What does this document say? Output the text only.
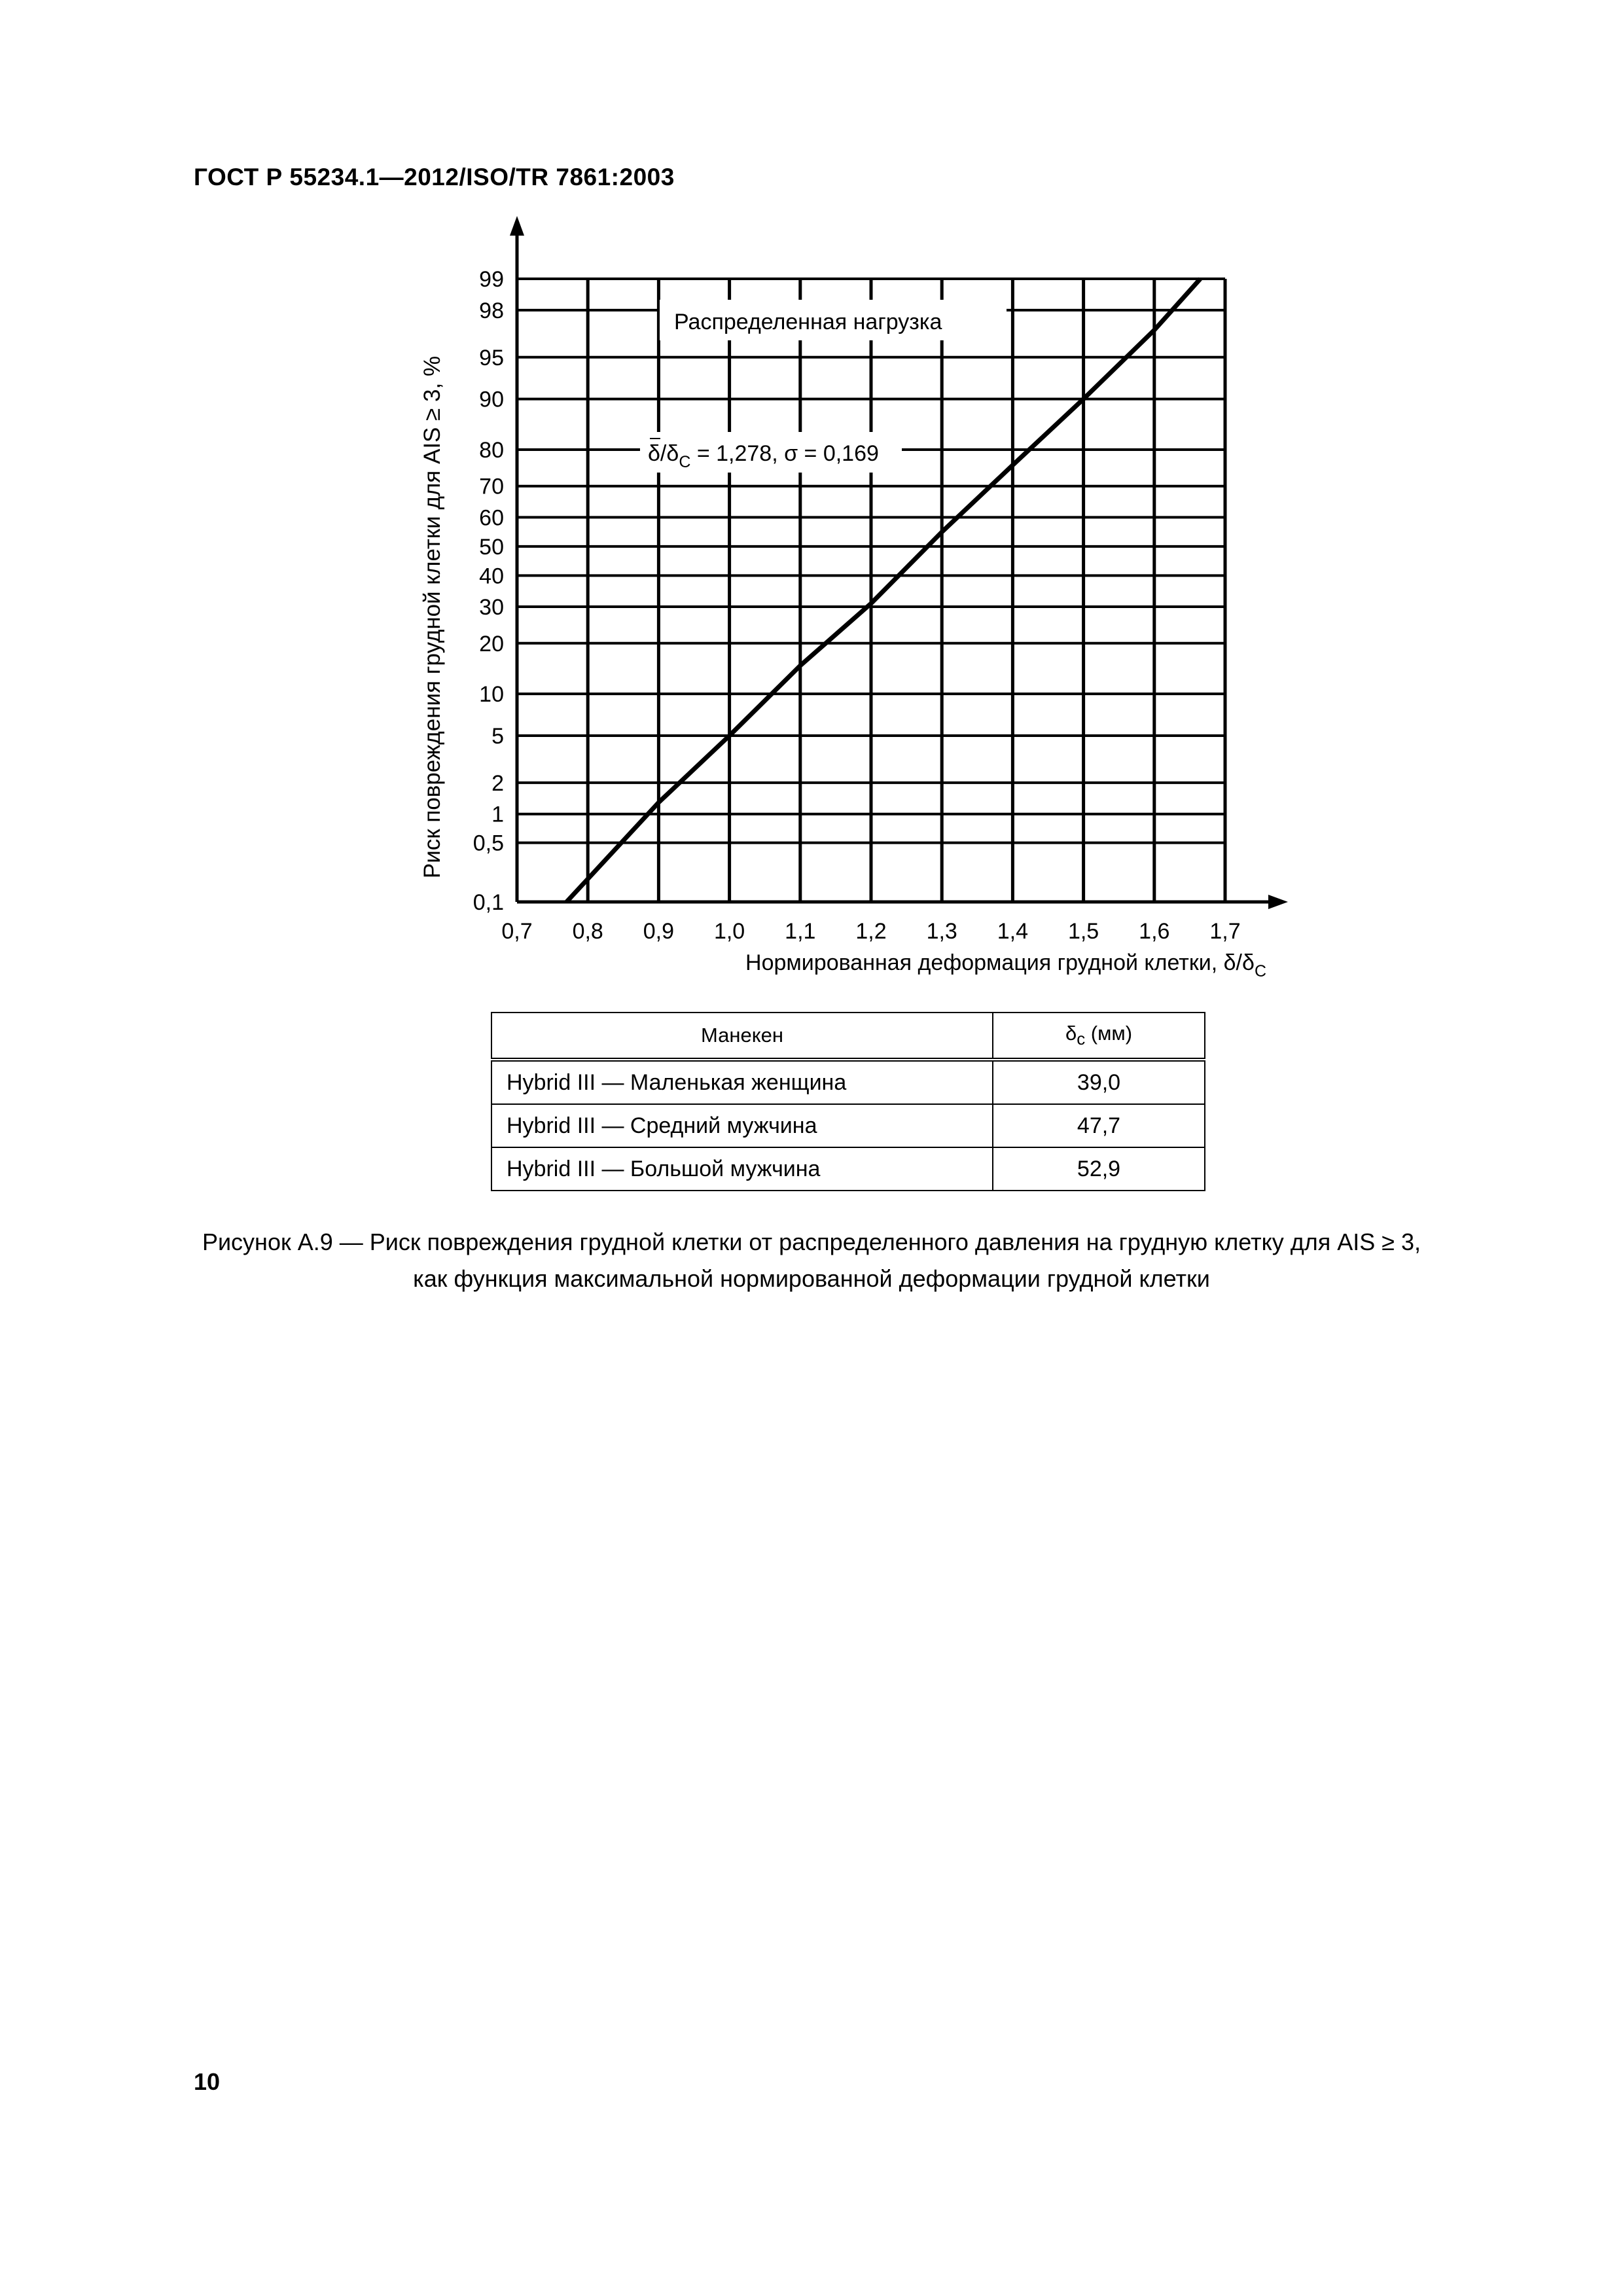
ГОСТ Р 55234.1—2012/ISO/TR 7861:2003
0,7 0,8 0,9 1,0 1,1 1,2 1,3 1,4 1,5 1,6 1,7
0,1
0,5
1
2
5
10
20
30
40
50
60
70
80
90
95
98
99
Распределенная нагрузка
$\delta/\delta_C = 1,278$, σ = 0,169
Риск повреждения грудной клетки для AIS ≥ 3, %
Нормированная деформация грудной клетки, $\delta/\delta_C$
Манекен	$\delta_c$ (мм)
Hybrid III — Маленькая женщина	39,0
Hybrid III — Средний мужчина	47,7
Hybrid III — Большой мужчина	52,9
Рисунок А.9 — Риск повреждения грудной клетки от распределенного давления на грудную клетку для AIS ≥ 3,
как функция максимальной нормированной деформации грудной клетки
10
